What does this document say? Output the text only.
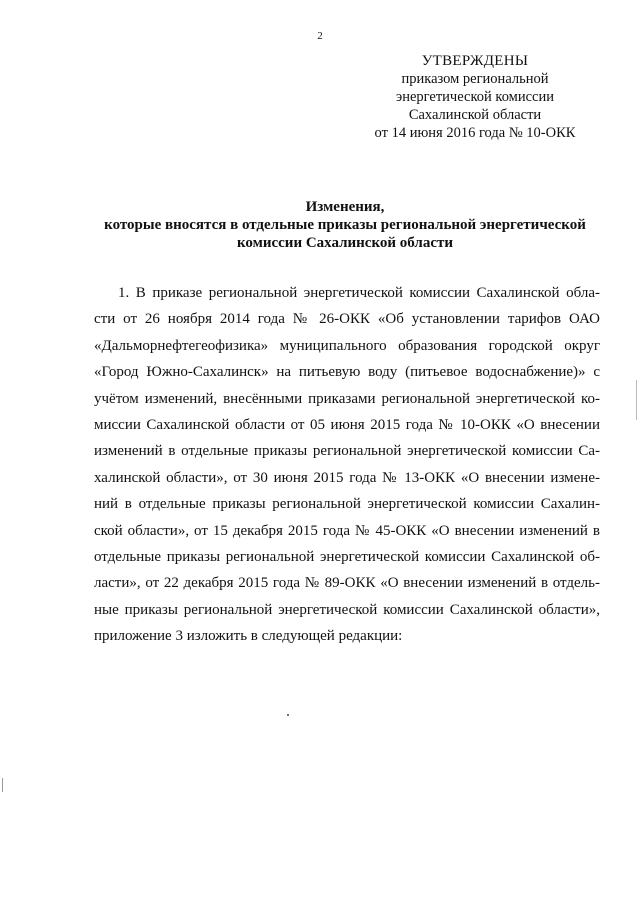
2
УТВЕРЖДЕНЫ
приказом региональной
энергетической комиссии
Сахалинской области
от 14 июня 2016 года № 10-ОКК
Изменения,
которые вносятся в отдельные приказы региональной энергетической
комиссии Сахалинской области
1. В приказе региональной энергетической комиссии Сахалинской обла-
сти от 26 ноября 2014 года № 26-ОКК «Об установлении тарифов ОАО
«Дальморнефтегеофизика» муниципального образования городской округ
«Город Южно-Сахалинск» на питьевую воду (питьевое водоснабжение)» с
учётом изменений, внесёнными приказами региональной энергетической ко-
миссии Сахалинской области от 05 июня 2015 года № 10-ОКК «О внесении
изменений в отдельные приказы региональной энергетической комиссии Са-
халинской области», от 30 июня 2015 года № 13-ОКК «О внесении измене-
ний в отдельные приказы региональной энергетической комиссии Сахалин-
ской области», от 15 декабря 2015 года № 45-ОКК «О внесении изменений в
отдельные приказы региональной энергетической комиссии Сахалинской об-
ласти», от 22 декабря 2015 года № 89-ОКК «О внесении изменений в отдель-
ные приказы региональной энергетической комиссии Сахалинской области»,
приложение 3 изложить в следующей редакции:
